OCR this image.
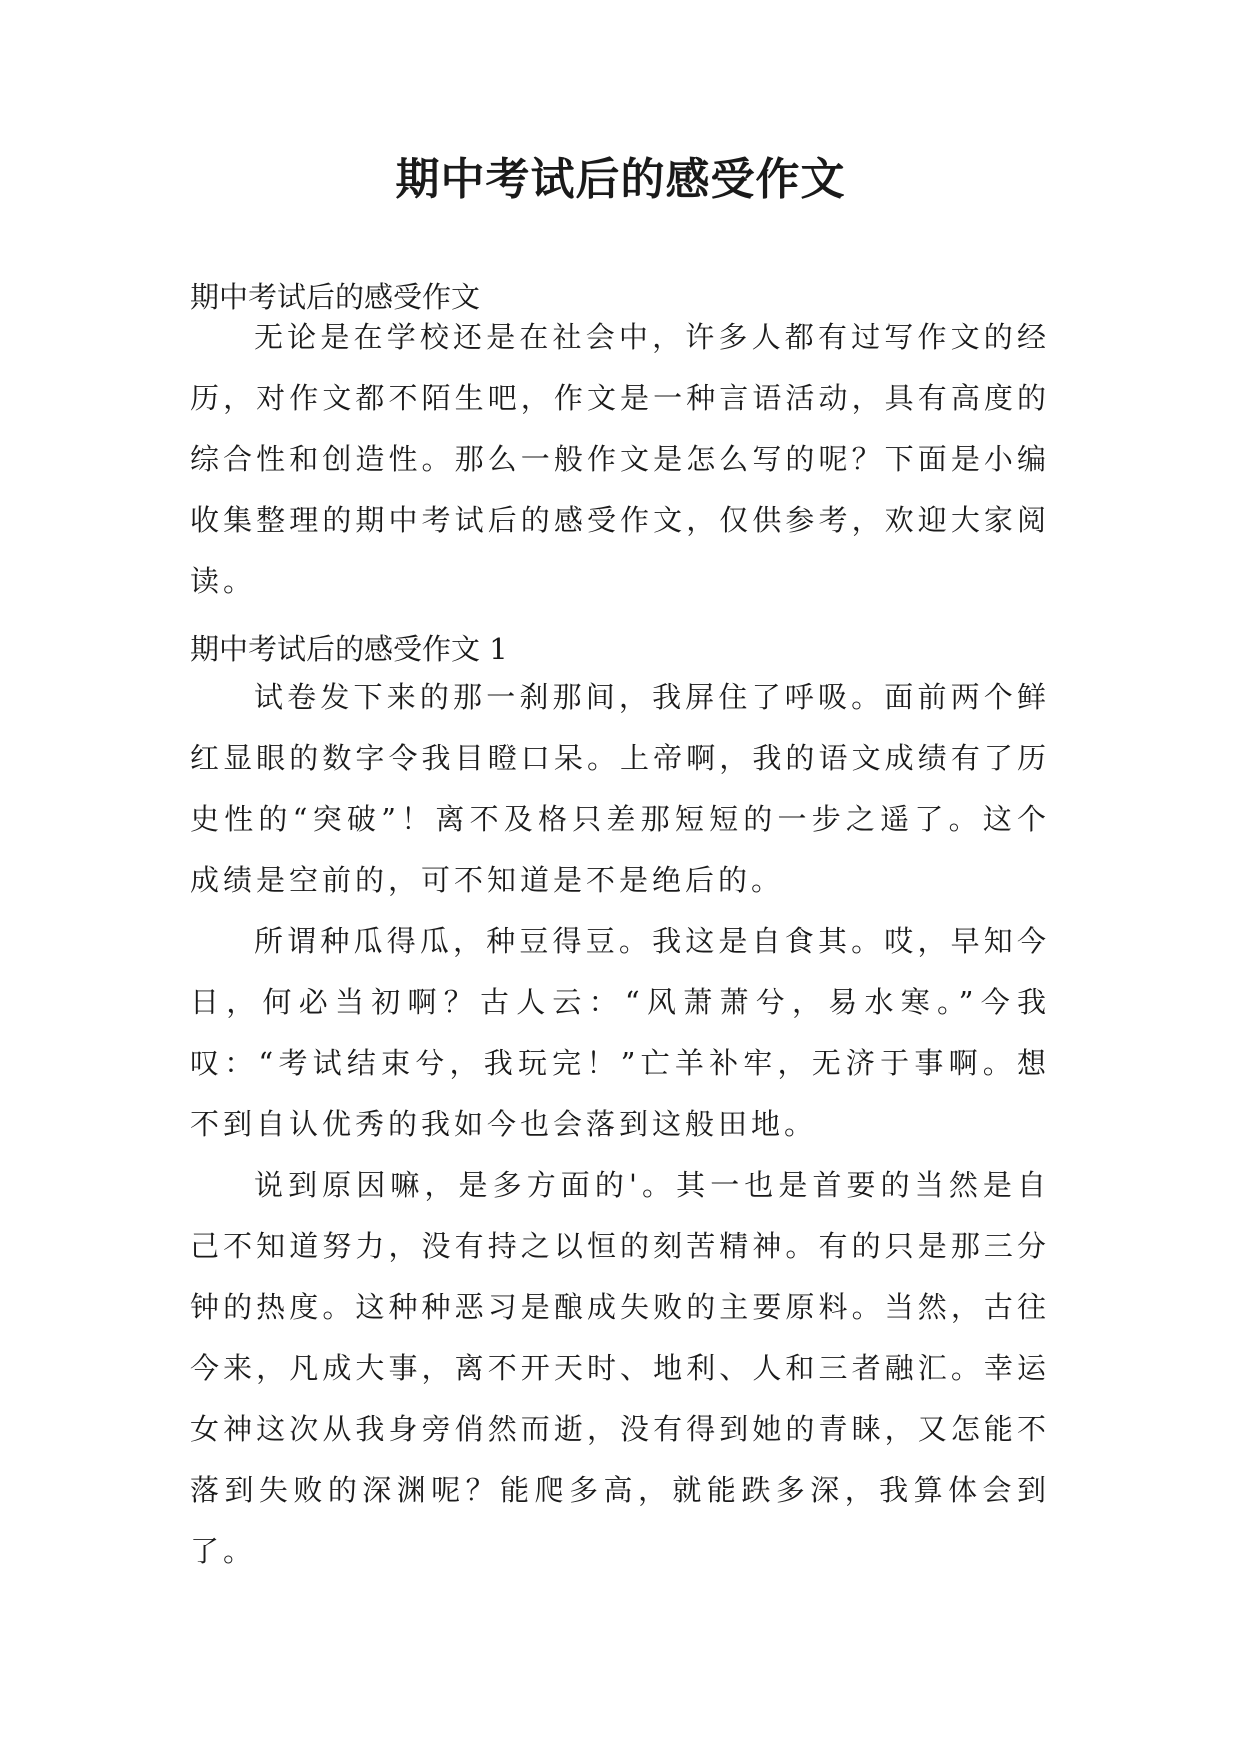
期中考试后的感受作文

期中考试后的感受作文

无论是在学校还是在社会中，许多人都有过写作文的经历，对作文都不陌生吧，作文是一种言语活动，具有高度的综合性和创造性。那么一般作文是怎么写的呢？下面是小编收集整理的期中考试后的感受作文，仅供参考，欢迎大家阅读。

期中考试后的感受作文 1

试卷发下来的那一刹那间，我屏住了呼吸。面前两个鲜红显眼的数字令我目瞪口呆。上帝啊，我的语文成绩有了历史性的“突破”！离不及格只差那短短的一步之遥了。这个成绩是空前的，可不知道是不是绝后的。

所谓种瓜得瓜，种豆得豆。我这是自食其。哎，早知今日，何必当初啊？古人云：“风萧萧兮，易水寒。”今我叹：“考试结束兮，我玩完！”亡羊补牢，无济于事啊。想不到自认优秀的我如今也会落到这般田地。

说到原因嘛，是多方面的'。其一也是首要的当然是自己不知道努力，没有持之以恒的刻苦精神。有的只是那三分钟的热度。这种种恶习是酿成失败的主要原料。当然，古往今来，凡成大事，离不开天时、地利、人和三者融汇。幸运女神这次从我身旁俏然而逝，没有得到她的青睐，又怎能不落到失败的深渊呢？能爬多高，就能跌多深，我算体会到了。
